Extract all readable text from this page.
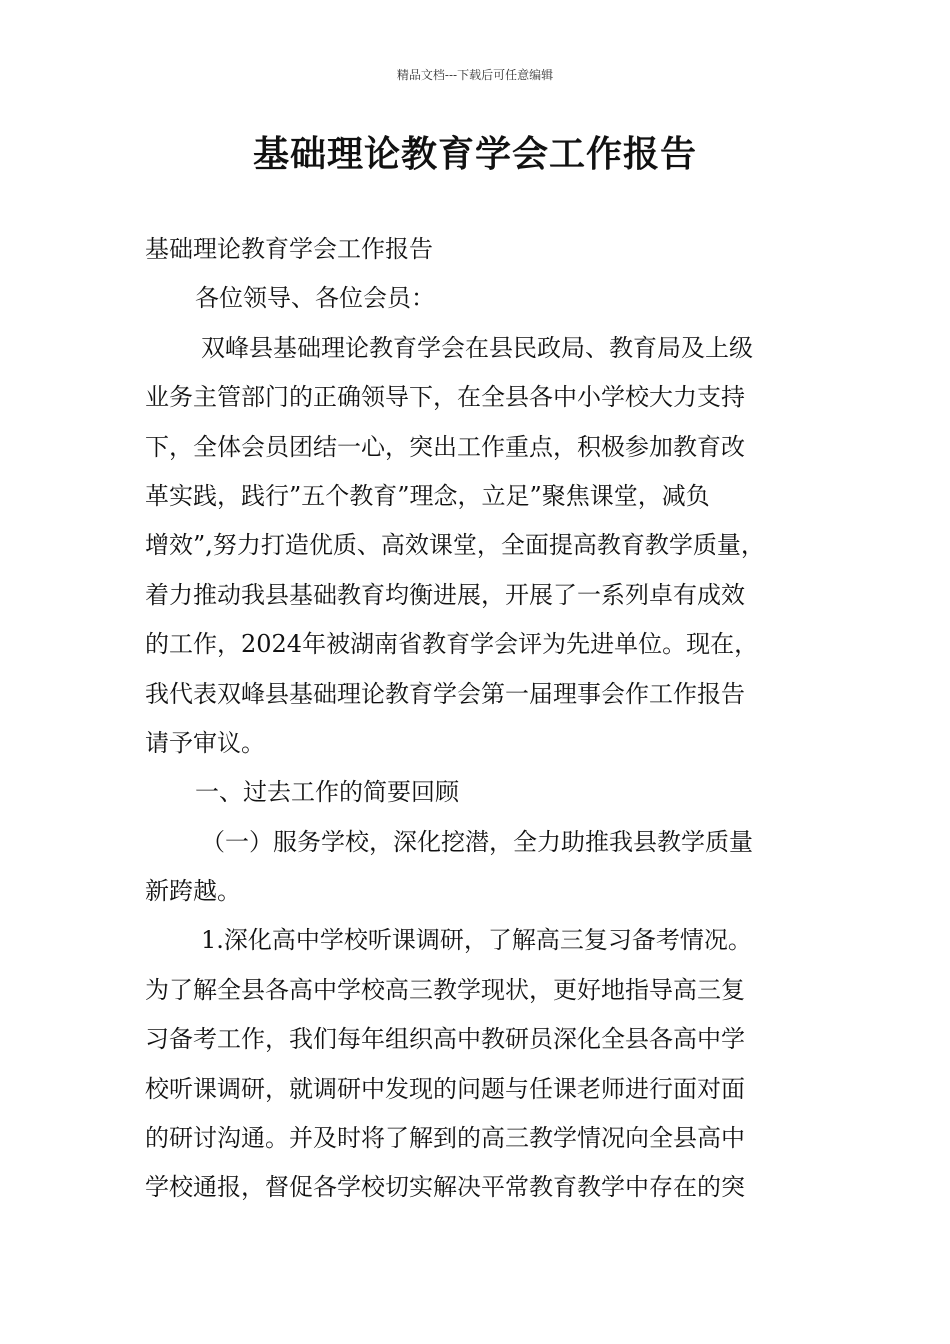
精品文档---下载后可任意编辑
基础理论教育学会工作报告
基础理论教育学会工作报告
各位领导、各位会员：
双峰县基础理论教育学会在县民政局、教育局及上级
业务主管部门的正确领导下，在全县各中小学校大力支持
下，全体会员团结一心，突出工作重点，积极参加教育改
革实践，践行”五个教育”理念，立足”聚焦课堂，减负
增效”,努力打造优质、高效课堂，全面提高教育教学质量，
着力推动我县基础教育均衡进展，开展了一系列卓有成效
的工作，2024年被湖南省教育学会评为先进单位。现在，
我代表双峰县基础理论教育学会第一届理事会作工作报告
请予审议。
一、过去工作的简要回顾
（一）服务学校，深化挖潜，全力助推我县教学质量
新跨越。
1.深化高中学校听课调研，了解高三复习备考情况。
为了解全县各高中学校高三教学现状，更好地指导高三复
习备考工作，我们每年组织高中教研员深化全县各高中学
校听课调研，就调研中发现的问题与任课老师进行面对面
的研讨沟通。并及时将了解到的高三教学情况向全县高中
学校通报，督促各学校切实解决平常教育教学中存在的突
